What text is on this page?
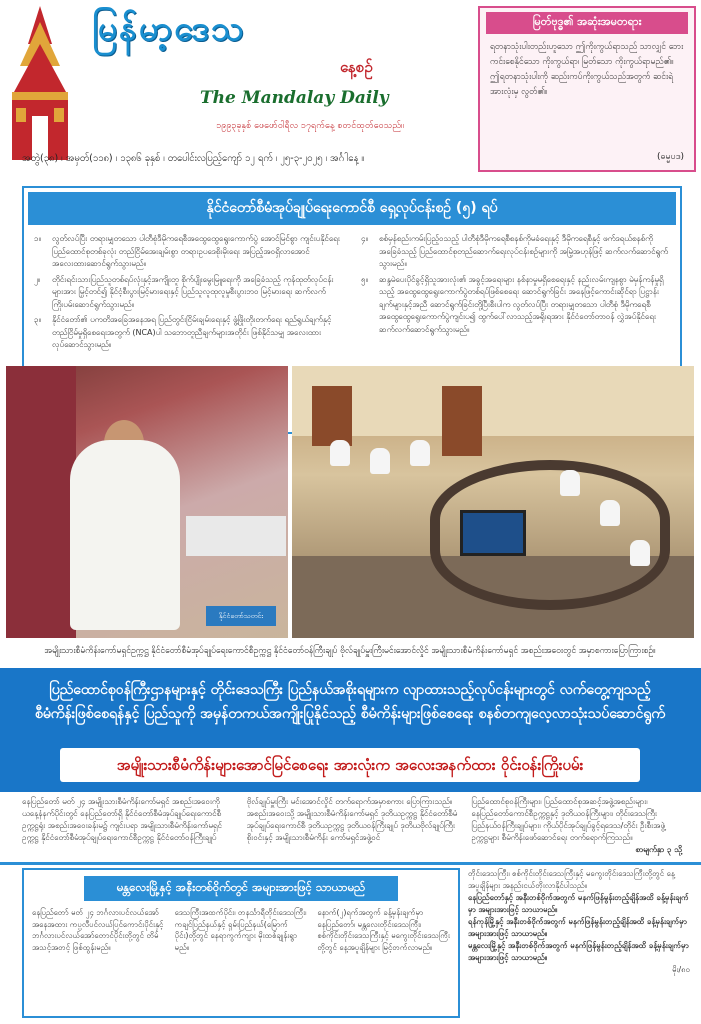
မြန်မာ့ဒေသ
နေ့စဉ်
The Mandalay Daily
၁၉၉၃ခုနှစ် ဖေဖော်ဝါရီလ ၁၇ရက်နေ့ စတင်ထုတ်ဝေသည်။
မြတ်ဗုဒ္ဓ၏ အဆုံးအမတရား
ရတနာသုံးပါးတည်းဟူသော ဤကိုးကွယ်ရာသည် သာလျှင် ဘေးကင်းစေနိုင်သော ကိုးကွယ်ရာ၊ မြတ်သော ကိုးကွယ်ရာမည်၏။ ဤရတနာသုံးပါးကို ဆည်းကပ်ကိုးကွယ်သည်အတွက် ဆင်းရဲအားလုံးမှ လွတ်၏။
(ဓမ္မပဒ)
အတွဲ(၃၈) ၊ အမှတ်(၁၁၈) ၊ ၁၃၈၆ ခုနှစ် ၊ တပေါင်းလပြည့်ကျော် ၁၂ ရက် ၊ ၂၅-၃-၂၀၂၅ ၊ အင်္ဂါနေ့ ။
နိုင်ငံတော်စီမံအုပ်ချုပ်ရေးကောင်စီ ရှေ့လုပ်ငန်းစဉ် (၅) ရပ်
၁။	လွတ်လပ်ပြီး တရားမျှတသော ပါတီစုံဒီမိုကရေစီအထွေထွေရွေးကောက်ပွဲ အောင်မြင်စွာ ကျင်းပနိုင်ရေး ပြည်ထောင်စုတစ်ခုလုံး တည်ငြိမ်အေးချမ်းစွာ တရားဥပဒေစိုးမိုးရေး အပြည့်အဝရှိလာအောင် အလေးထားဆောင်ရွက်သွားမည်။
၂။	တိုင်းရင်းသားပြည်သူတစ်ရပ်လုံးနှင့်အကျိုးတူ စိုက်ပျိုးမွေးမြူရေးကို အခြေခံသည့် ကုန်ထုတ်လုပ်ငန်းများအား မြှင့်တင်၍ နိုင်ငံ့စီးပွားမြင့်မားရေးနှင့် ပြည်သူလူထုလူမှုစီးပွားဘဝ မြင့်မားရေး ဆက်လက်ကြိုးပမ်းဆောင်ရွက်သွားမည်။
၃။	နိုင်ငံတော်၏ ပကတိအခြေအနေအရ ပြည်တွင်းငြိမ်းချမ်းရေးနှင့် ဖွံ့ဖြိုးတိုးတက်ရေး ရည်ရွယ်ချက်နှင့် တည်ငြိမ်မှုရှိစေရေးအတွက် (NCA)ပါ သဘောတူညီချက်များအတိုင်း ဖြစ်နိုင်သမျှ အလေးထား လုပ်ဆောင်သွားမည်။
၄။	စစ်မှန်စည်းကမ်းပြည့်ဝသည့် ပါတီစုံဒီမိုကရေစီစနစ်ကိုမခံရေးနှင့် ဒီမိုကရေစီနှင့် ဖက်ဒရယ်စနစ်ကို အခြေခံသည့် ပြည်ထောင်စုတည်ဆောက်ရေးလုပ်ငန်းစဉ်များကို အမြဲ့အဟုန်ဖြင့် ဆက်လက်ဆောင်ရွက်သွားမည်။
၅။	ဆန္ဒမဲပေးပိုင်ခွင့်ရှိသူအားလုံး၏ အခွင့်အရေးများ နစ်နာမှုမရှိစေရေးနှင့် နည်းလမ်းကျနစွာ မဲမှန်ကန်မှုရှိသည့် အထွေထွေရွေးကောက်ပွဲတစ်ရပ်ဖြစ်စေရေး ဆောင်ရွက်ခြင်း အနေဖြင့်ကောင်းဆိုင်ရာ ပြဋ္ဌာန်းချက်များနှင့်အညီ ဆောင်ရွက်ခြင်းတို့ပြီးစီးပါက လွတ်လပ်ပြီး တရားမျှတသော ပါတီစုံ ဒီမိုကရေစီ အထွေထွေရွေးကောက်ပွဲကျင်းပ၍ ထွက်ပေါ်လာသည့်အရိုးရအား နိုင်ငံတော်တာဝန် လွှဲအပ်နိုင်ရေး ဆက်လက်ဆောင်ရွက်သွားမည်။
နိုင်ငံတော်သတင်း
အမျိုးသားစီမံကိန်းကော်မရှင်ဥက္ကဋ္ဌ နိုင်ငံတော်စီမံအုပ်ချုပ်ရေးကောင်စီဥက္ကဋ္ဌ နိုင်ငံတော်ဝန်ကြီးချုပ် ဗိုလ်ချုပ်မှူးကြီးမင်းအောင်လှိုင် အမျိုးသားစီမံကိန်းကော်မရှင် အစည်းအဝေးတွင် အမှာစကားပြောကြားစဉ်။
ပြည်ထောင်စုဝန်ကြီးဌာနများနှင့် တိုင်းဒေသကြီး ပြည်နယ်အစိုးရများက လျာထားသည့်လုပ်ငန်းများတွင် လက်တွေ့ကျသည့်
စီမံကိန်းဖြစ်စေရန်နှင့် ပြည်သူကို အမှန်တကယ်အကျိုးပြုနိုင်သည့် စီမံကိန်းများဖြစ်စေရေး စနစ်တကျလေ့လာသုံးသပ်ဆောင်ရွက်
အမျိုးသားစီမံကိန်းများအောင်မြင်စေရေး အားလုံးက အလေးအနက်ထား ဝိုင်းဝန်းကြိုးပမ်း
နေပြည်တော် မတ် ၂၄ အမျိုးသားစီမံကိန်းကော်မရှင် အစည်းအဝေးကို ယနေ့နံနက်ပိုင်းတွင် နေပြည်တော်ရှိ နိုင်ငံတော်စီမံအုပ်ချုပ်ရေးကောင်စီဥက္ကဋ္ဌရုံး အစည်းအဝေးခန်းမ၌ ကျင်းပရာ အမျိုးသားစီမံကိန်းကော်မရှင်ဥက္ကဋ္ဌ နိုင်ငံတော်စီမံအုပ်ချုပ်ရေးကောင်စီဥက္ကဋ္ဌ နိုင်ငံတော်ဝန်ကြီးချုပ်
ဗိုလ်ချုပ်မှူးကြီး မင်းအောင်လှိုင် တက်ရောက်အမှာစကား ပြောကြားသည်။ အစည်းအဝေးသို့ အမျိုးသားစီမံကိန်းကော်မရှင် ဒုတိယဥက္ကဋ္ဌ နိုင်ငံတော်စီမံအုပ်ချုပ်ရေးကောင်စီ ဒုတိယဥက္ကဋ္ဌ ဒုတိယဝန်ကြီးချုပ် ဒုတိယဗိုလ်ချုပ်ကြီး စိုးဝင်းနှင့် အမျိုးသားစီမံကိန်း ကော်မရှင်အဖွဲ့ဝင်
ပြည်ထောင်စုဝန်ကြီးများ၊ ပြည်ထောင်စုအဆင့်အဖွဲ့အစည်းများ၊ နေပြည်တော်ကောင်စီဥက္ကဋ္ဌနှင့် ဒုတိယဝန်ကြီးများ၊ တိုင်းဒေသကြီး ပြည်နယ်ဝန်ကြီးချုပ်များ၊ ကိုယ်ပိုင်အုပ်ချုပ်ခွင့်ရဒေသ/တိုင်း ဦးစီးအဖွဲ့ဥက္ကဋ္ဌများ စီမံကိန်းဖော်ဆောင်ရေး တက်ရောက်ကြသည်။
စာမျက်နှာ ၃ သို့
မန္တလေးမြို့နှင့် အနီးတစ်ဝိုက်တွင် အများအားဖြင့် သာယာမည်
နေပြည်တော် မတ် ၂၄ ဘင်္ဂလားပင်လယ်အော်အနေအထား ကပ္ပလီပင်လယ်ပြင်ကောင်းပိုင်းနှင့် ဘင်္ဂလားပင်လယ်အော်တောင်ပိုင်းတို့တွင် တိမ်အသင့်အတင့် ဖြစ်ထွန်းမည်။
ဒေသကြီးအထက်ပိုင်း၊ တနင်္သာရီတိုင်းဒေသကြီး၊ ကချင်ပြည်နယ်နှင့် ရှမ်းပြည်နယ်(မြောက်ပိုင်း)တို့တွင် နေရာကွက်ကျား မိုးထစ်ချုန်းရွာမည်။
နောက်(၂)ရက်အတွက် ခန့်မှန်းချက်မှာ နေပြည်တော်၊ မန္တလေးတိုင်းဒေသကြီး၊ စစ်ကိုင်းတိုင်းဒေသကြီးနှင့် မကွေးတိုင်းဒေသကြီးတို့တွင် နေ့အပူချိန်များ မြင့်တက်လာမည်။
တိုင်းဒေသကြီး၊ စစ်ကိုင်းတိုင်းဒေသကြီးနှင့် မကွေးတိုင်းဒေသကြီးတို့တွင် နေ့အပူချိန်များ အနည်းငယ်တိုးလာနိုင်ပါသည်။
နေပြည်တော်နှင့် အနီးတစ်ဝိုက်အတွက် မနက်ဖြန်မွန်းတည့်ချိန်အထိ ခန့်မှန်းချက်မှာ အများအားဖြင့် သာယာမည်။
ရန်ကုန်မြို့နှင့် အနီးတစ်ဝိုက်အတွက် မနက်ဖြန်မွန်းတည့်ချိန်အထိ ခန့်မှန်းချက်မှာ အများအားဖြင့် သာယာမည်။
မန္တလေးမြို့နှင့် အနီးတစ်ဝိုက်အတွက် မနက်ဖြန်မွန်းတည့်ချိန်အထိ ခန့်မှန်းချက်မှာ အများအားဖြင့် သာယာမည်။
မိုး/၈၀
